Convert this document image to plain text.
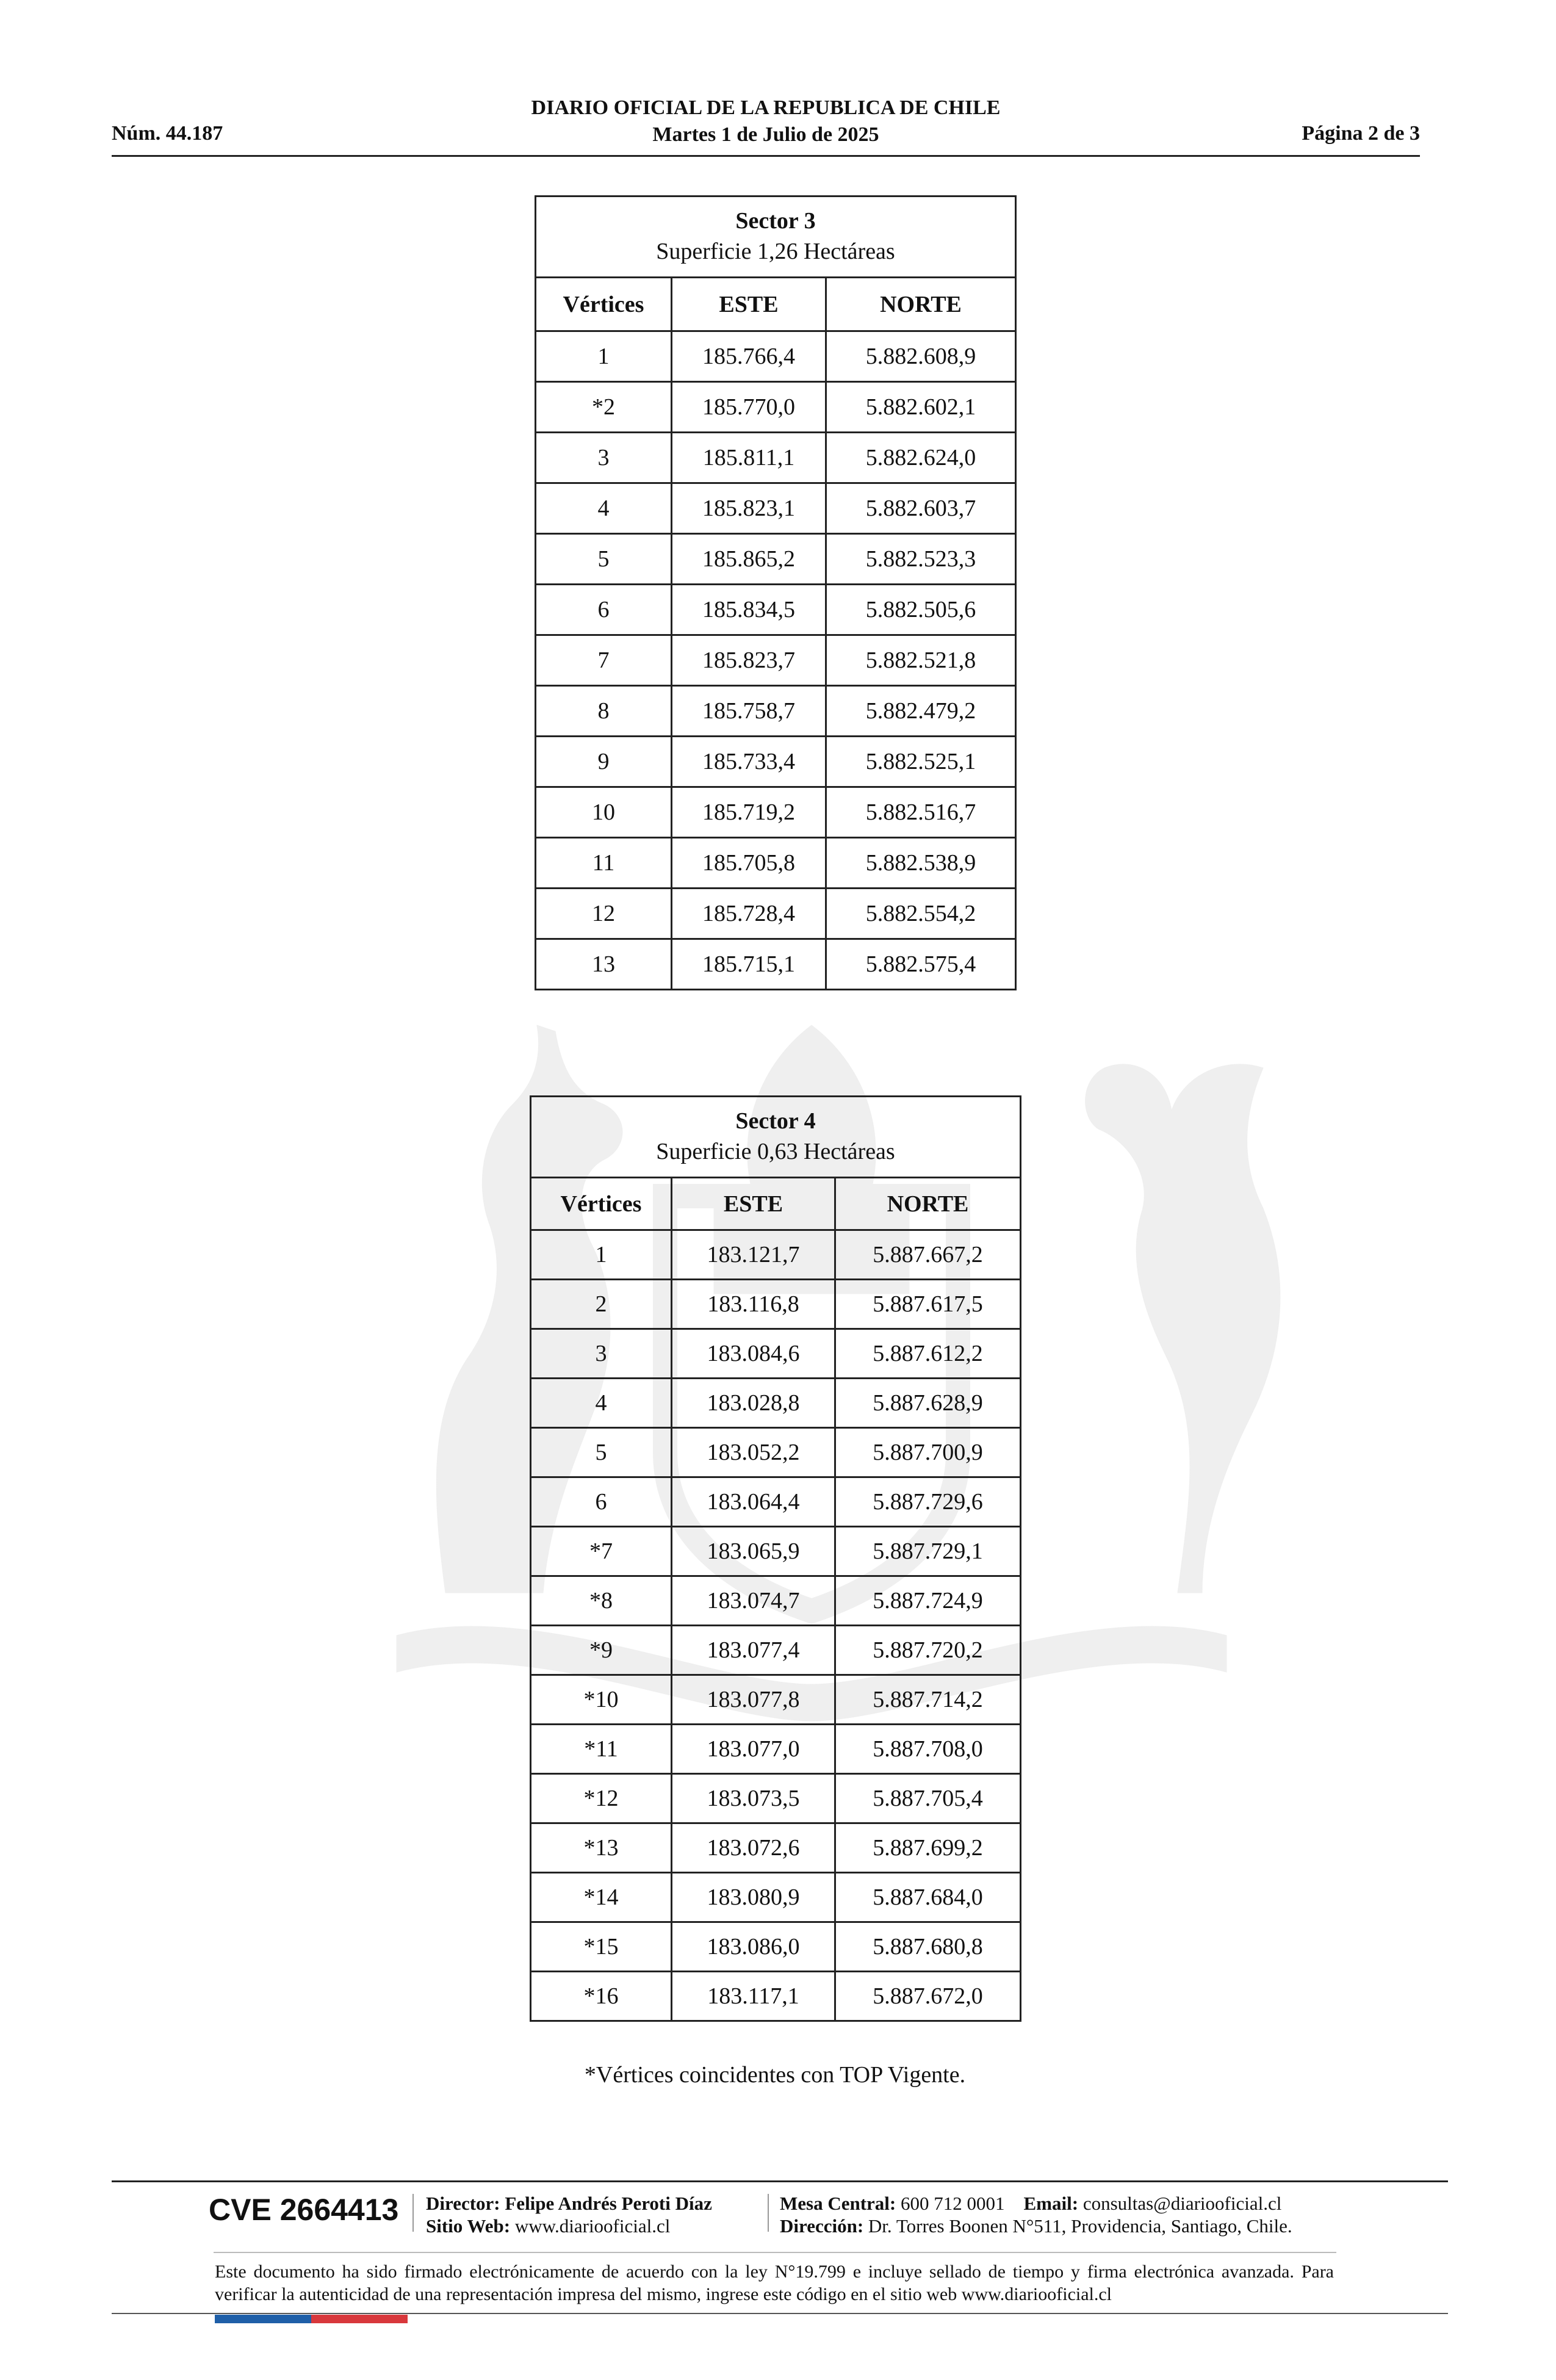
Núm. 44.187
DIARIO OFICIAL DE LA REPUBLICA DE CHILE
Martes 1 de Julio de 2025	Página 2 de 3
Sector 3
Superficie 1,26 Hectáreas		

Vértices	ESTE	NORTE
1	185.766,4	5.882.608,9
*2	185.770,0	5.882.602,1
3	185.811,1	5.882.624,0
4	185.823,1	5.882.603,7
5	185.865,2	5.882.523,3
6	185.834,5	5.882.505,6
7	185.823,7	5.882.521,8
8	185.758,7	5.882.479,2
9	185.733,4	5.882.525,1
10	185.719,2	5.882.516,7
11	185.705,8	5.882.538,9
12	185.728,4	5.882.554,2
13	185.715,1	5.882.575,4
Sector 4
Superficie 0,63 Hectáreas		

Vértices	ESTE	NORTE
1	183.121,7	5.887.667,2
2	183.116,8	5.887.617,5
3	183.084,6	5.887.612,2
4	183.028,8	5.887.628,9
5	183.052,2	5.887.700,9
6	183.064,4	5.887.729,6
*7	183.065,9	5.887.729,1
*8	183.074,7	5.887.724,9
*9	183.077,4	5.887.720,2
*10	183.077,8	5.887.714,2
*11	183.077,0	5.887.708,0
*12	183.073,5	5.887.705,4
*13	183.072,6	5.887.699,2
*14	183.080,9	5.887.684,0
*15	183.086,0	5.887.680,8
*16	183.117,1	5.887.672,0
*Vértices coincidentes con TOP Vigente.
CVE 2664413 Director: Felipe Andrés Peroti Díaz
Sitio Web: www.diariooficial.cl
Mesa Central: 600 712 0001 Email: consultas@diariooficial.cl
Dirección: Dr. Torres Boonen N°511, Providencia, Santiago, Chile.
Este documento ha sido firmado electrónicamente de acuerdo con la ley N°19.799 e incluye sellado de tiempo y firma electrónica avanzada. Para verificar la autenticidad de una representación impresa del mismo, ingrese este código en el sitio web www.diariooficial.cl
